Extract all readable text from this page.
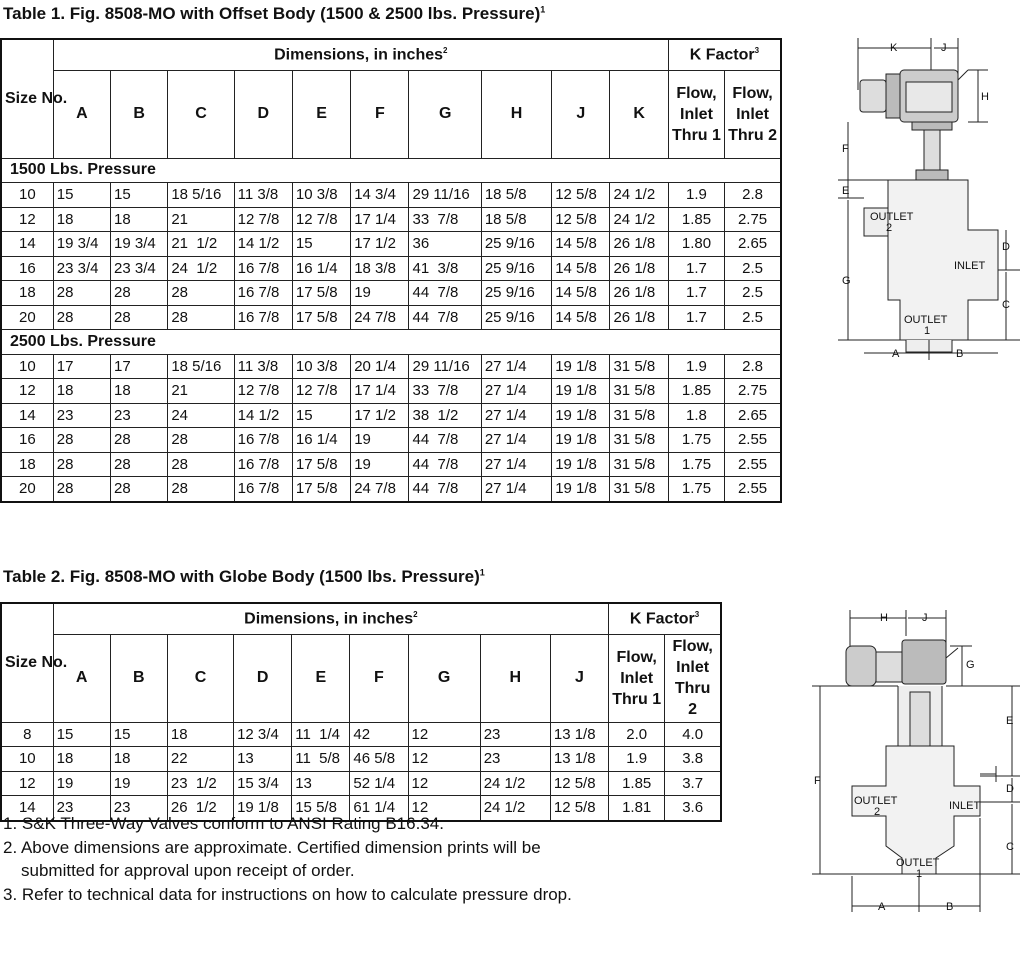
Table 1. Fig. 8508-MO with Offset Body (1500 & 2500 lbs. Pressure)$^1$
Size No.	Dimensions, in inches$^2$										K Factor$^3$
	A	B	C	D	E	F	G	H	J	K	Flow, Inlet Thru 1	Flow, Inlet Thru 2
1500 Lbs. Pressure												
10	15	15	18 5/16	11 3/8	10 3/8	14 3/4	29 11/16	18 5/8	12 5/8	24 1/2	1.9	2.8
12	18	18	21	12 7/8	12 7/8	17 1/4	33  7/8	18 5/8	12 5/8	24 1/2	1.85	2.75
14	19 3/4	19 3/4	21  1/2	14 1/2	15	17 1/2	36	25 9/16	14 5/8	26 1/8	1.80	2.65
16	23 3/4	23 3/4	24  1/2	16 7/8	16 1/4	18 3/8	41  3/8	25 9/16	14 5/8	26 1/8	1.7	2.5
18	28	28	28	16 7/8	17 5/8	19	44  7/8	25 9/16	14 5/8	26 1/8	1.7	2.5
20	28	28	28	16 7/8	17 5/8	24 7/8	44  7/8	25 9/16	14 5/8	26 1/8	1.7	2.5
2500 Lbs. Pressure												
10	17	17	18 5/16	11 3/8	10 3/8	20 1/4	29 11/16	27 1/4	19 1/8	31 5/8	1.9	2.8
12	18	18	21	12 7/8	12 7/8	17 1/4	33  7/8	27 1/4	19 1/8	31 5/8	1.85	2.75
14	23	23	24	14 1/2	15	17 1/2	38  1/2	27 1/4	19 1/8	31 5/8	1.8	2.65
16	28	28	28	16 7/8	16 1/4	19	44  7/8	27 1/4	19 1/8	31 5/8	1.75	2.55
18	28	28	28	16 7/8	17 5/8	19	44  7/8	27 1/4	19 1/8	31 5/8	1.75	2.55
20	28	28	28	16 7/8	17 5/8	24 7/8	44  7/8	27 1/4	19 1/8	31 5/8	1.75	2.55
Table 2. Fig. 8508-MO with Globe Body (1500 lbs. Pressure)$^1$
Size No.	Dimensions, in inches$^2$									K Factor$^3$
	A	B	C	D	E	F	G	H	J	Flow, Inlet Thru 1	Flow, Inlet Thru 2
8	15	15	18	12 3/4	11  1/4	42	12	23	13 1/8	2.0	4.0
10	18	18	22	13	11  5/8	46 5/8	12	23	13 1/8	1.9	3.8
12	19	19	23  1/2	15 3/4	13	52 1/4	12	24 1/2	12 5/8	1.85	3.7
14	23	23	26  1/2	19 1/8	15 5/8	61 1/4	12	24 1/2	12 5/8	1.81	3.6
1. S&K Three-Way Valves conform to ANSI Rating B16.34.
2. Above dimensions are approximate. Certified dimension prints will be
submitted for approval upon receipt of order.
3. Refer to technical data for instructions on how to calculate pressure drop.
K	J
H
F
E
G
D
C
A	B
OUTLET
2
INLET
OUTLET
1
H	J
G
E
F
D
C
A	B
OUTLET
2	INLET
OUTLET
1
